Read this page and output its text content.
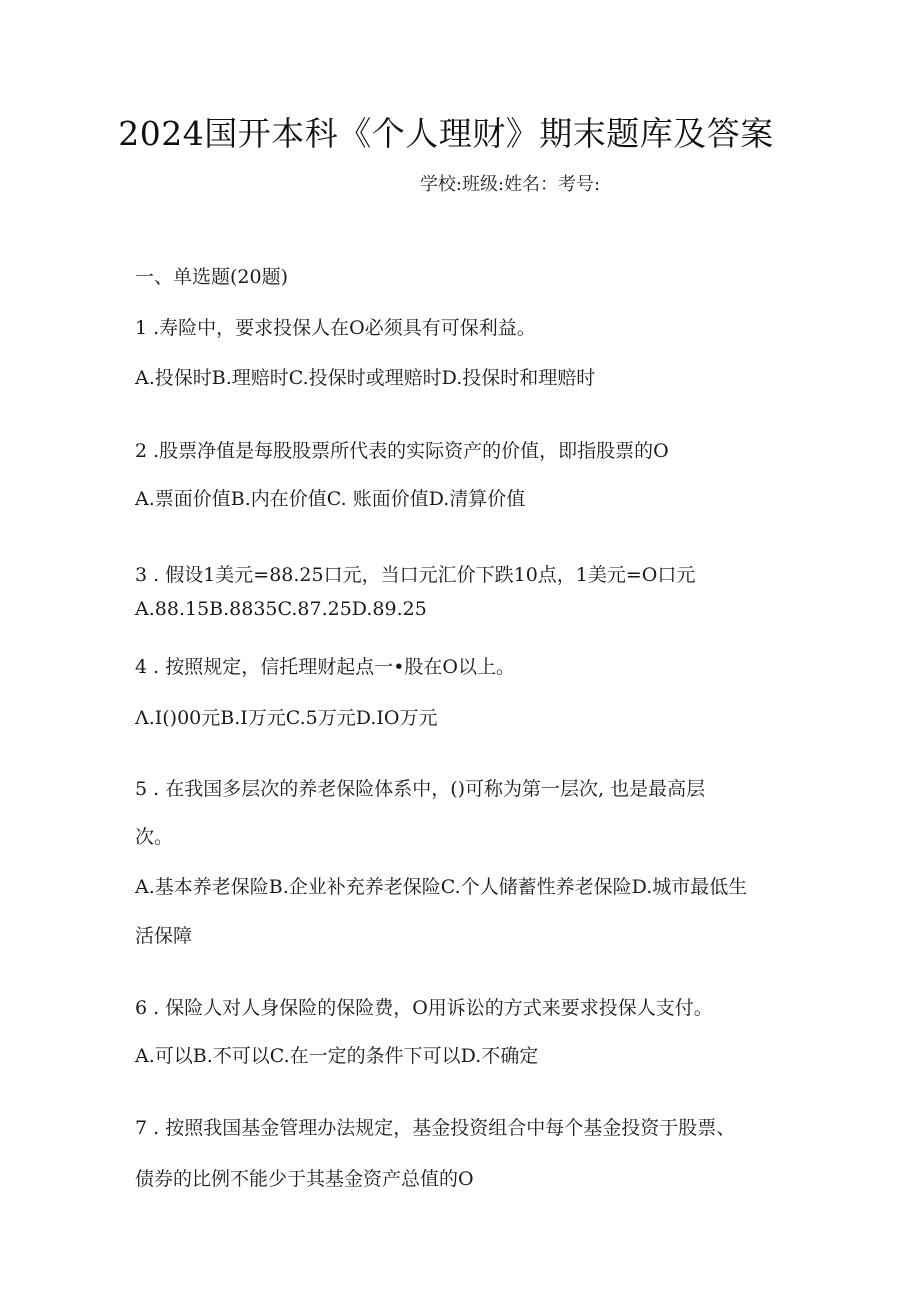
2024国开本科《个人理财》期末题库及答案
学校:班级:姓名：考号:
一、单选题(20题)
1 .寿险中，要求投保人在O必须具有可保利益。
A.投保时B.理赔时C.投保时或理赔时D.投保时和理赔时
2 .股票净值是每股股票所代表的实际资产的价值，即指股票的O
A.票面价值B.内在价值C. 账面价值D.清算价值
3 . 假设1美元=88.25口元，当口元汇价下跌10点，1美元=O口元
A.88.15B.8835C.87.25D.89.25
4 . 按照规定，信托理财起点一•股在O以上。
Λ.I()00元B.I万元C.5万元D.IO万元
5 . 在我国多层次的养老保险体系中，()可称为第一层次, 也是最高层
次。
A.基本养老保险B.企业补充养老保险C.个人储蓄性养老保险D.城市最低生
活保障
6 . 保险人对人身保险的保险费，O用诉讼的方式来要求投保人支付。
A.可以B.不可以C.在一定的条件下可以D.不确定
7 . 按照我国基金管理办法规定，基金投资组合中每个基金投资于股票、
债券的比例不能少于其基金资产总值的O
